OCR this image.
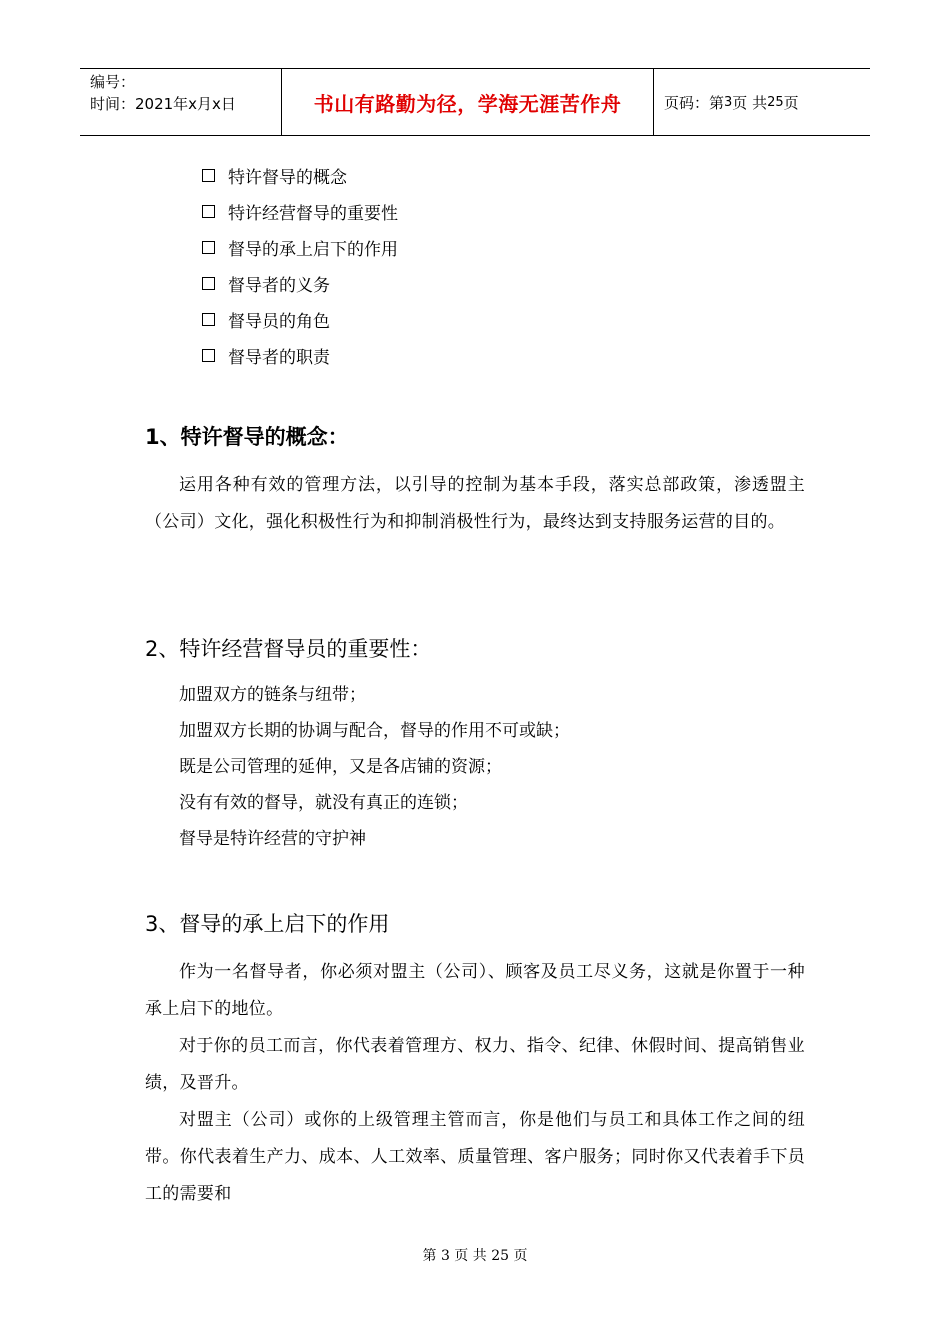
编号：
时间：2021年x月x日	书山有路勤为径，学海无涯苦作舟	页码：第 3 页 共 25 页
特许督导的概念
特许经营督导的重要性
督导的承上启下的作用
督导者的义务
督导员的角色
督导者的职责
1、特许督导的概念：

运用各种有效的管理方法，以引导的控制为基本手段，落实总部政策，渗透盟主（公司）文化，强化积极性行为和抑制消极性行为，最终达到支持服务运营的目的。

2、特许经营督导员的重要性：
加盟双方的链条与纽带；
加盟双方长期的协调与配合，督导的作用不可或缺；
既是公司管理的延伸，又是各店铺的资源；
没有有效的督导，就没有真正的连锁；
督导是特许经营的守护神
3、督导的承上启下的作用

作为一名督导者，你必须对盟主（公司）、顾客及员工尽义务，这就是你置于一种承上启下的地位。

对于你的员工而言，你代表着管理方、权力、指令、纪律、休假时间、提高销售业绩，及晋升。

对盟主（公司）或你的上级管理主管而言，你是他们与员工和具体工作之间的纽带。你代表着生产力、成本、人工效率、质量管理、客户服务；同时你又代表着手下员工的需要和

第 3 页 共 25 页
